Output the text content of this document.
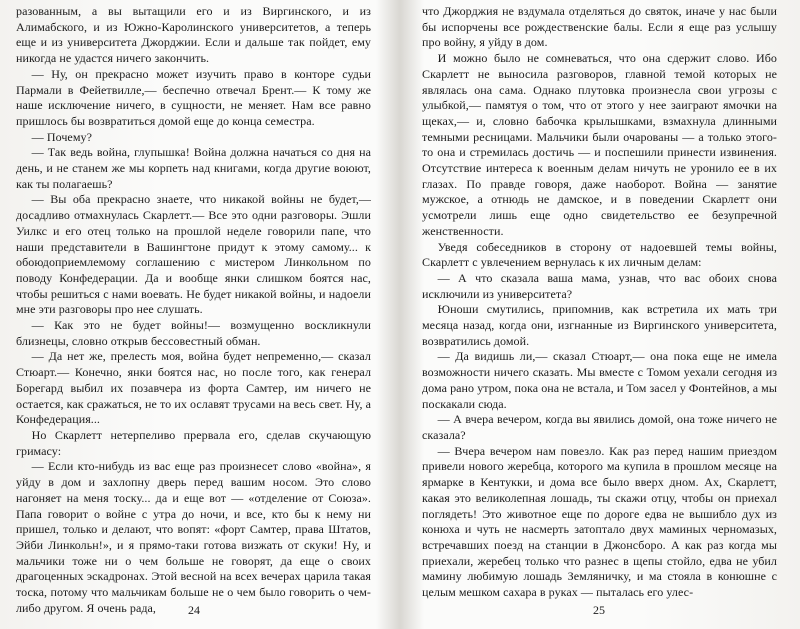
разованным, а вы вытащили его и из Виргинского, и из Алимабского, и из Южно-Каролинского университетов, а теперь еще и из университета Джорджии. Если и дальше так пойдет, ему никогда не удастся ничего закончить.

— Ну, он прекрасно может изучить право в конторе судьи Пармали в Фейетвилле,— беспечно отвечал Брент.— К тому же наше исключение ничего, в сущности, не меняет. Нам все равно пришлось бы возвратиться домой еще до конца семестра.

— Почему?

— Так ведь война, глупышка! Война должна начаться со дня на день, и не станем же мы корпеть над книгами, когда другие воюют, как ты полагаешь?

— Вы оба прекрасно знаете, что никакой войны не будет,— досадливо отмахнулась Скарлетт.— Все это одни разговоры. Эшли Уилкс и его отец только на прошлой неделе говорили папе, что наши представители в Вашингтоне придут к этому самому... к обоюдоприемлемому соглашению с мистером Линкольном по поводу Конфедерации. Да и вообще янки слишком боятся нас, чтобы решиться с нами воевать. Не будет никакой войны, и надоели мне эти разговоры про нее слушать.

— Как это не будет войны!— возмущенно воскликнули близнецы, словно открыв бессовестный обман.

— Да нет же, прелесть моя, война будет непременно,— сказал Стюарт.— Конечно, янки боятся нас, но после того, как генерал Борегард выбил их позавчера из форта Самтер, им ничего не остается, как сражаться, не то их ославят трусами на весь свет. Ну, а Конфедерация...

Но Скарлетт нетерпеливо прервала его, сделав скучающую гримасу:

— Если кто-нибудь из вас еще раз произнесет слово «война», я уйду в дом и захлопну дверь перед вашим носом. Это слово нагоняет на меня тоску... да и еще вот — «отделение от Союза». Папа говорит о войне с утра до ночи, и все, кто бы к нему ни пришел, только и делают, что вопят: «форт Самтер, права Штатов, Эйби Линкольн!», и я прямо-таки готова визжать от скуки! Ну, и мальчики тоже ни о чем больше не говорят, да еще о своих драгоценных эскадронах. Этой весной на всех вечерах царила такая тоска, потому что мальчикам больше не о чем было говорить о чем-либо другом. Я очень рада,

что Джорджия не вздумала отделяться до святок, иначе у нас были бы испорчены все рождественские балы. Если я еще раз услышу про войну, я уйду в дом.

И можно было не сомневаться, что она сдержит слово. Ибо Скарлетт не выносила разговоров, главной темой которых не являлась она сама. Однако плутовка произнесла свои угрозы с улыбкой,— памятуя о том, что от этого у нее заиграют ямочки на щеках,— и, словно бабочка крылышками, взмахнула длинными темными ресницами. Мальчики были очарованы — а только этого-то она и стремилась достичь — и поспешили принести извинения. Отсутствие интереса к военным делам ничуть не уронило ее в их глазах. По правде говоря, даже наоборот. Война — занятие мужское, а отнюдь не дамское, и в поведении Скарлетт они усмотрели лишь еще одно свидетельство ее безупречной женственности.

Уведя собеседников в сторону от надоевшей темы войны, Скарлетт с увлечением вернулась к их личным делам:

— А что сказала ваша мама, узнав, что вас обоих снова исключили из университета?

Юноши смутились, припомнив, как встретила их мать три месяца назад, когда они, изгнанные из Виргинского университета, возвратились домой.

— Да видишь ли,— сказал Стюарт,— она пока еще не имела возможности ничего сказать. Мы вместе с Томом уехали сегодня из дома рано утром, пока она не встала, и Том засел у Фонтейнов, а мы поскакали сюда.

— А вчера вечером, когда вы явились домой, она тоже ничего не сказала?

— Вчера вечером нам повезло. Как раз перед нашим приездом привели нового жеребца, которого ма купила в прошлом месяце на ярмарке в Кентукки, и дома все было вверх дном. Ах, Скарлетт, какая это великолепная лошадь, ты скажи отцу, чтобы он приехал поглядеть! Это животное еще по дороге едва не вышибло дух из конюха и чуть не насмерть затоптало двух маминых черномазых, встречавших поезд на станции в Джонсборо. А как раз когда мы приехали, жеребец только что разнес в щепы стойло, едва не убил мамину любимую лошадь Земляничку, и ма стояла в конюшне с целым мешком сахара в руках — пыталась его улес-

24	25
